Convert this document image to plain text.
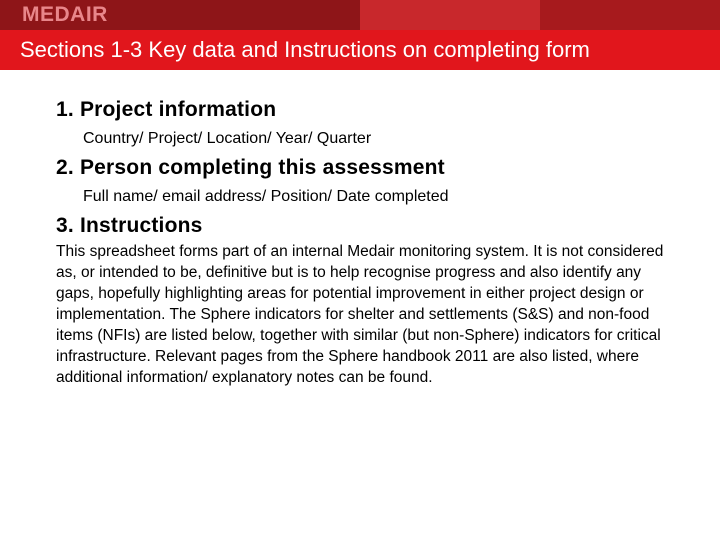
MEDAIR
Sections 1-3 Key data and Instructions on completing form
1. Project information
Country/ Project/ Location/ Year/ Quarter
2. Person completing this assessment
Full name/ email address/ Position/ Date completed
3. Instructions
This spreadsheet forms part of an internal Medair monitoring system. It is not considered as, or intended to be, definitive but is to help recognise progress and also identify any gaps, hopefully highlighting areas for potential improvement in either project design or implementation. The Sphere indicators for shelter and settlements (S&S) and non-food items (NFIs) are listed below, together with similar (but non-Sphere) indicators for critical infrastructure. Relevant pages from the Sphere handbook 2011 are also listed, where additional information/ explanatory notes can be found.
